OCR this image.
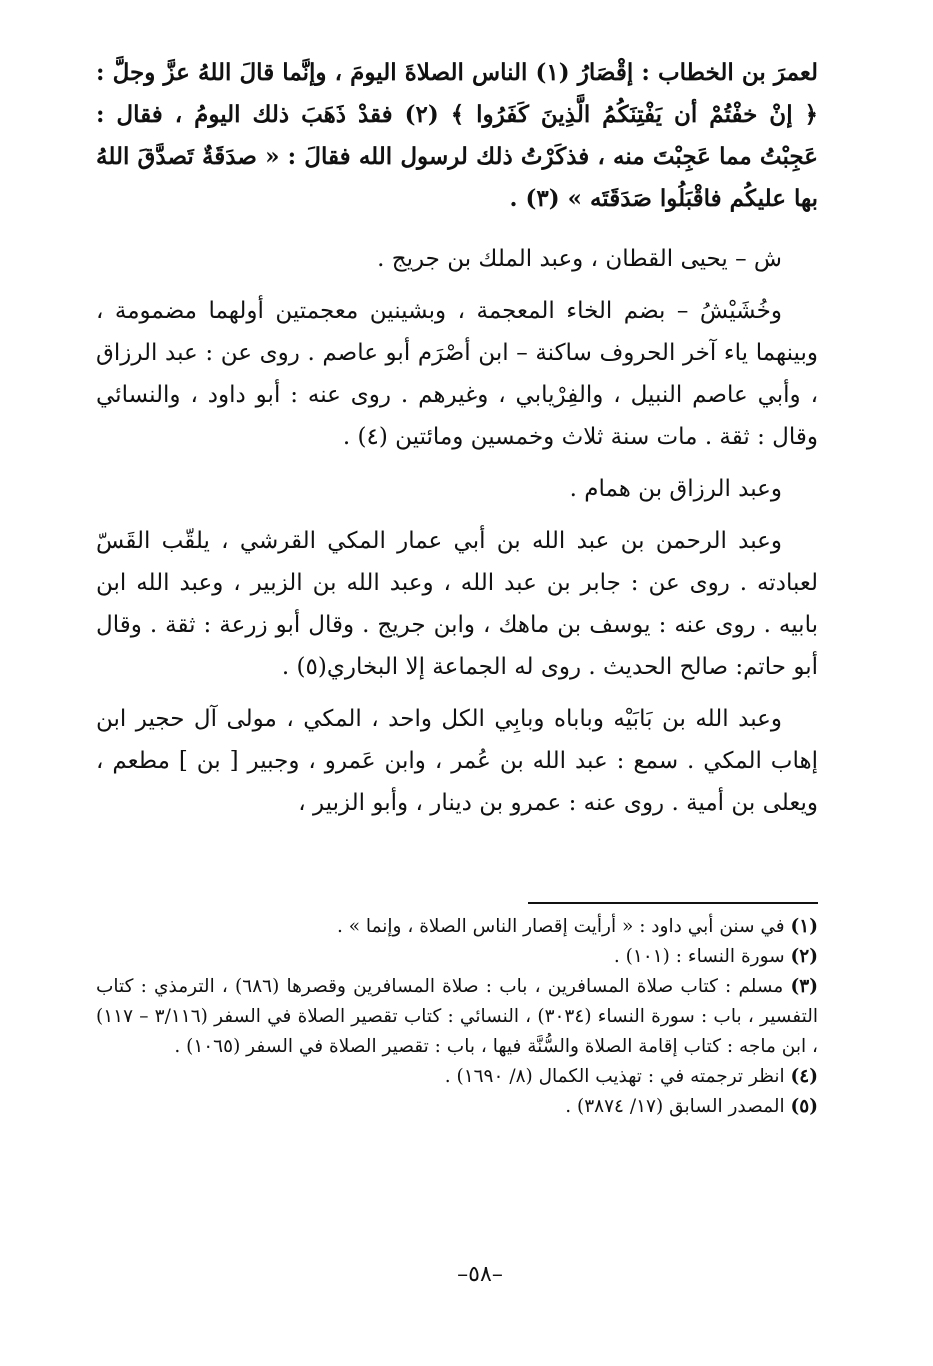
لعمرَ بن الخطاب : إقْصَارُ (١) الناس الصلاةَ اليومَ ، وإنَّما قالَ اللهُ عزَّ وجلَّ : ﴿ إنْ خفْتُمْ أن يَفْتِنَكُمُ الَّذِينَ كَفَرُوا ﴾ (٢) فقدْ ذَهَبَ ذلك اليومُ ، فقال : عَجِبْتُ مما عَجِبْتَ منه ، فذكَرْتُ ذلك لرسول الله فقالَ : « صدَقَةٌ تَصدَّقَ اللهُ بها عليكُم فاقْبَلُوا صَدَقَتَه » (٣) .

ش – يحيى القطان ، وعبد الملك بن جريج .

وخُشَيْشُ – بضم الخاء المعجمة ، وبشينين معجمتين أولهما مضمومة ، وبينهما ياء آخر الحروف ساكنة – ابن أصْرَم أبو عاصم . روى عن : عبد الرزاق ، وأبي عاصم النبيل ، والفِرْيابي ، وغيرهم . روى عنه : أبو داود ، والنسائي وقال : ثقة . مات سنة ثلاث وخمسين ومائتين (٤) .

وعبد الرزاق بن همام .

وعبد الرحمن بن عبد الله بن أبي عمار المكي القرشي ، يلقّب القَسّ لعبادته . روى عن : جابر بن عبد الله ، وعبد الله بن الزبير ، وعبد الله ابن بابيه . روى عنه : يوسف بن ماهك ، وابن جريج . وقال أبو زرعة : ثقة . وقال أبو حاتم: صالح الحديث . روى له الجماعة إلا البخاري(٥) .

وعبد الله بن بَابَيْه وباباه وبابِي الكل واحد ، المكي ، مولى آل حجير ابن إهاب المكي . سمع : عبد الله بن عُمر ، وابن عَمرو ، وجبير [ بن ] مطعم ، ويعلى بن أمية . روى عنه : عمرو بن دينار ، وأبو الزبير ،

(١) في سنن أبي داود : « أرأيت إقصار الناس الصلاة ، وإنما » .

(٢) سورة النساء : (١٠١) .

(٣) مسلم : كتاب صلاة المسافرين ، باب : صلاة المسافرين وقصرها (٦٨٦) ، الترمذي : كتاب التفسير ، باب : سورة النساء (٣٠٣٤) ، النسائي : كتاب تقصير الصلاة في السفر (٣/١١٦ – ١١٧) ، ابن ماجه : كتاب إقامة الصلاة والسُّنَّة فيها ، باب : تقصير الصلاة في السفر (١٠٦٥) .

(٤) انظر ترجمته في : تهذيب الكمال (٨/ ١٦٩٠) .

(٥) المصدر السابق (١٧/ ٣٨٧٤) .

–٥٨–
